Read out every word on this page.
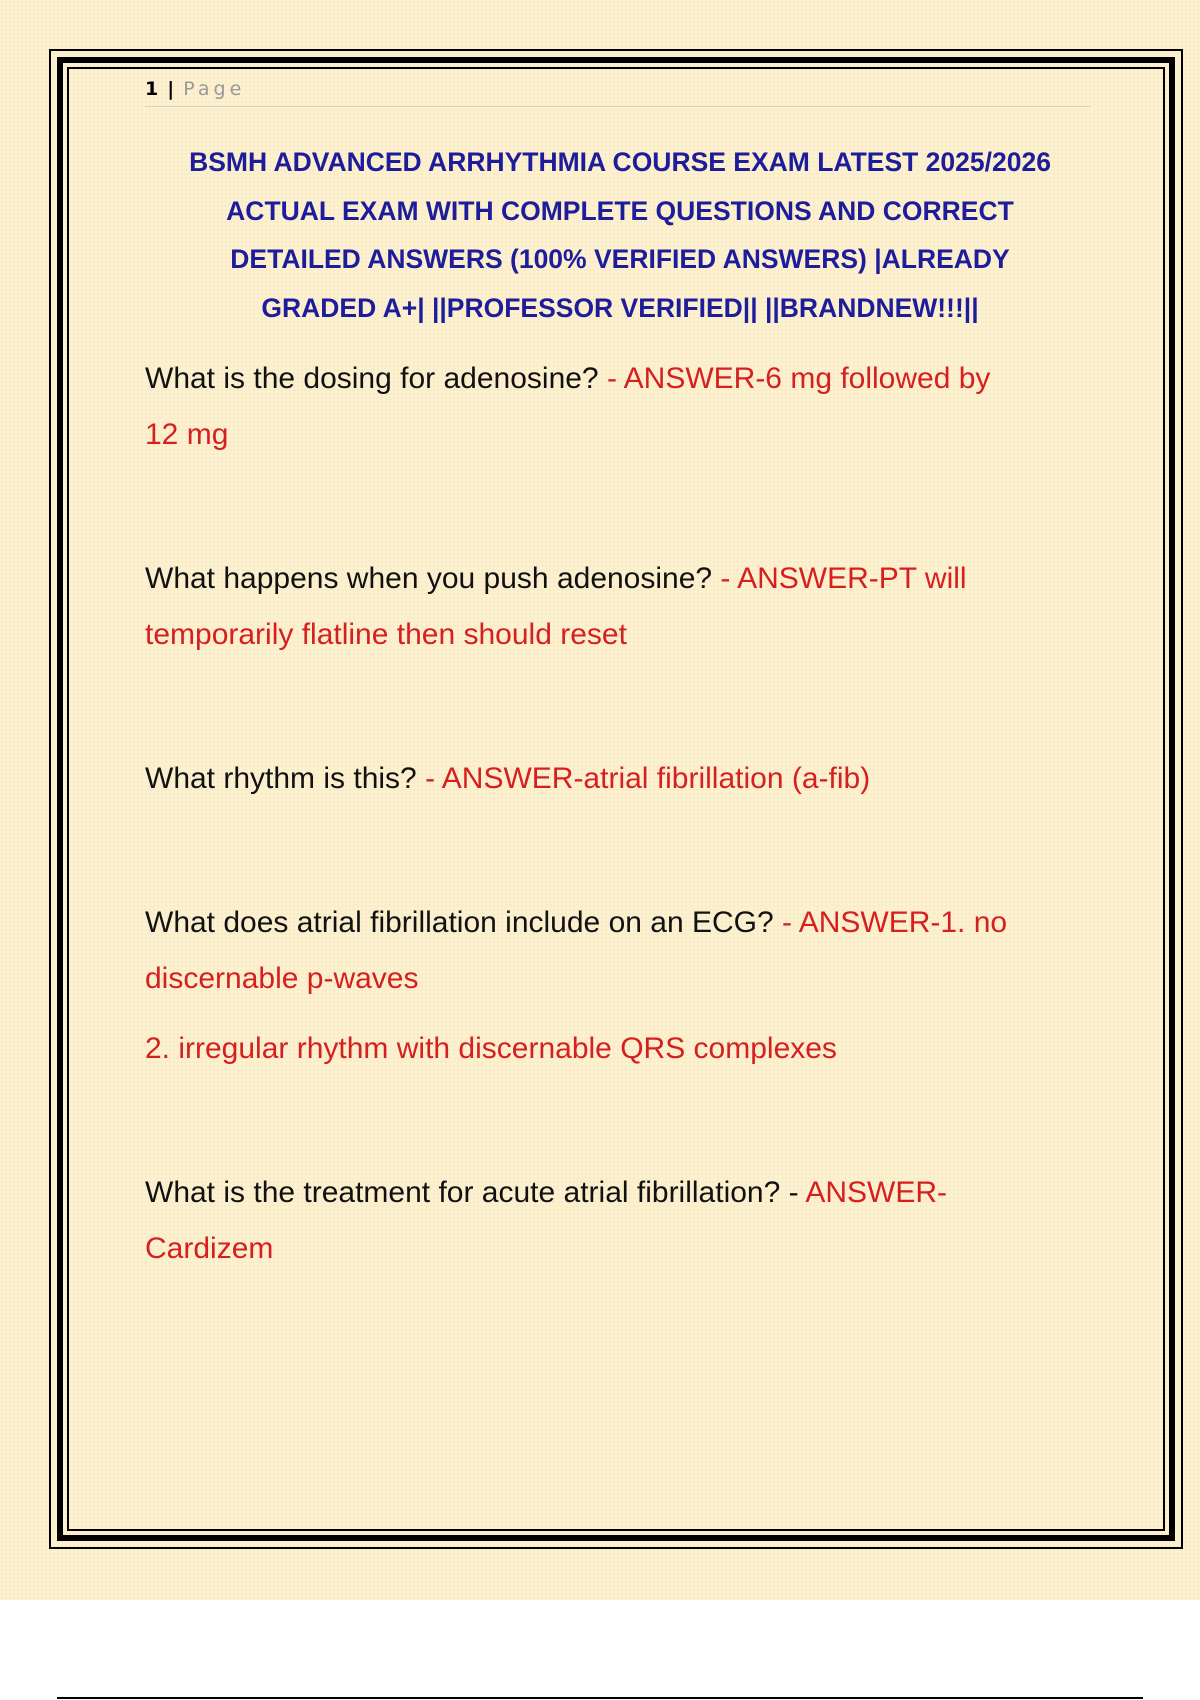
1 | Page
BSMH ADVANCED ARRHYTHMIA COURSE EXAM LATEST 2025/2026
ACTUAL EXAM WITH COMPLETE QUESTIONS AND CORRECT
DETAILED ANSWERS (100% VERIFIED ANSWERS) |ALREADY
GRADED A+| ||PROFESSOR VERIFIED|| ||BRANDNEW!!!||
What is the dosing for adenosine? - ANSWER-6 mg followed by
12 mg
What happens when you push adenosine? - ANSWER-PT will
temporarily flatline then should reset
What rhythm is this? - ANSWER-atrial fibrillation (a-fib)
What does atrial fibrillation include on an ECG? - ANSWER-1. no
discernable p-waves
2. irregular rhythm with discernable QRS complexes
What is the treatment for acute atrial fibrillation? - ANSWER-
Cardizem
